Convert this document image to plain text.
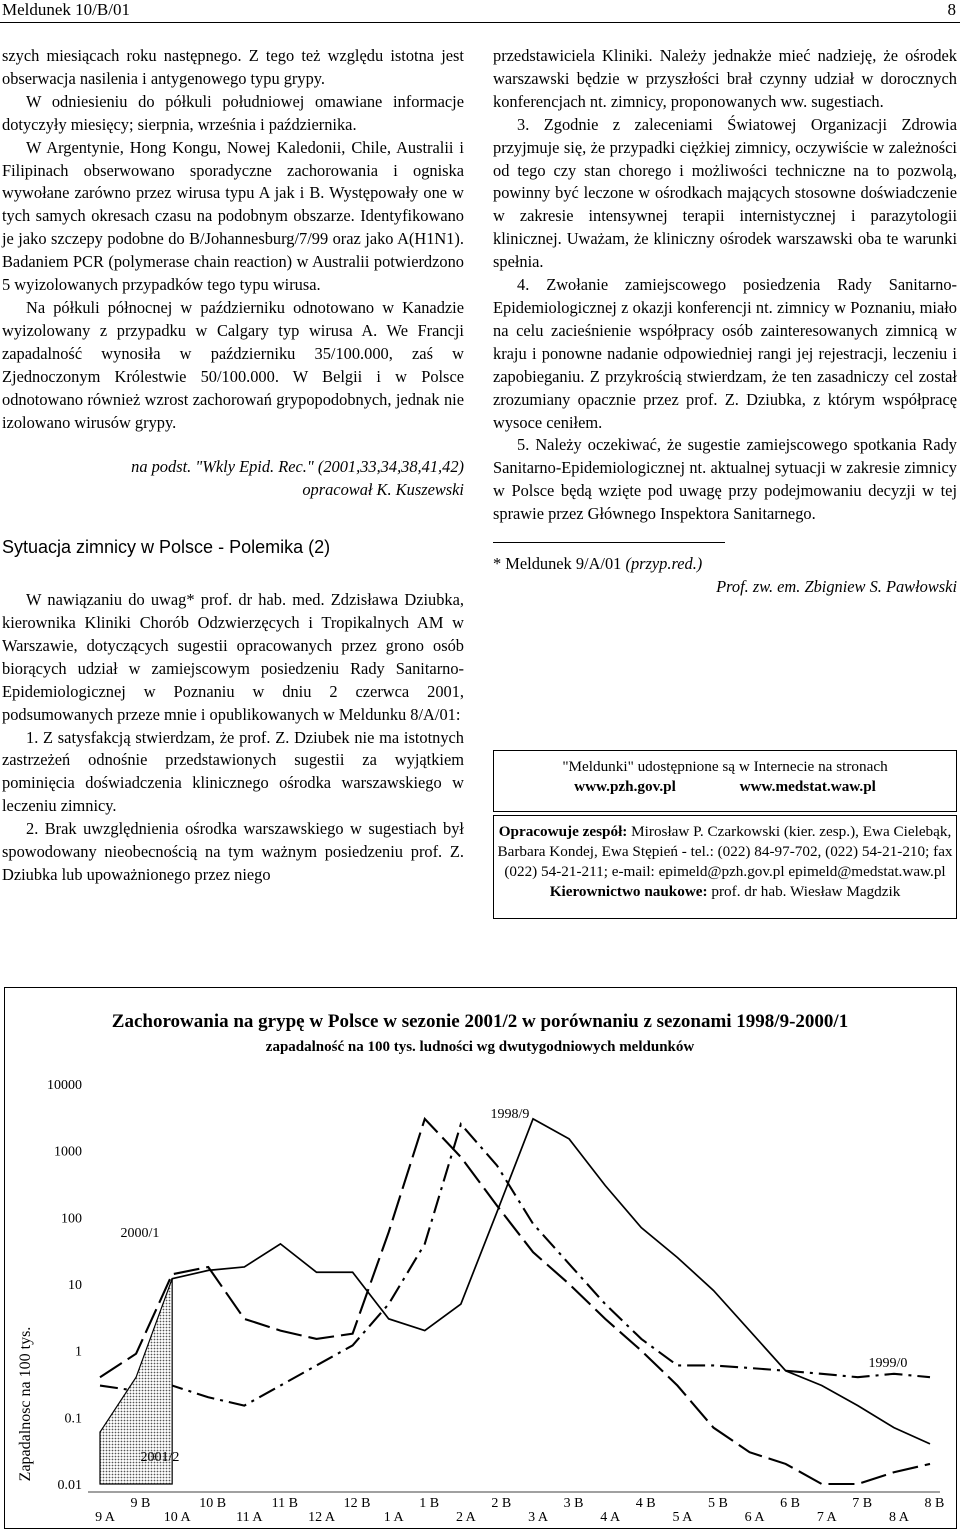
Meldunek 10/B/01	8

szych miesiącach roku następnego. Z tego też względu istotna jest obserwacja nasilenia i antygenowego typu grypy.

W odniesieniu do półkuli południowej omawiane informacje dotyczyły miesięcy; sierpnia, września i października.

W Argentynie, Hong Kongu, Nowej Kaledonii, Chile, Australii i Filipinach obserwowano sporadyczne zachorowania i ogniska wywołane zarówno przez wirusa typu A jak i B. Występowały one w tych samych okresach czasu na podobnym obszarze. Identyfikowano je jako szczepy podobne do B/Johannesburg/7/99 oraz jako A(H1N1). Badaniem PCR (polymerase chain reaction) w Australii potwierdzono 5 wyizolowanych przypadków tego typu wirusa.

Na półkuli północnej w październiku odnotowano w Kanadzie wyizolowany z przypadku w Calgary typ wirusa A. We Francji zapadalność wynosiła w październiku 35/100.000, zaś w Zjednoczonym Królestwie 50/100.000. W Belgii i w Polsce odnotowano również wzrost zachorowań grypopodobnych, jednak nie izolowano wirusów grypy.

na podst. "Wkly Epid. Rec." (2001,33,34,38,41,42)
opracował K. Kuszewski
Sytuacja zimnicy w Polsce - Polemika (2)

W nawiązaniu do uwag* prof. dr hab. med. Zdzisława Dziubka, kierownika Kliniki Chorób Odzwierzęcych i Tropikalnych AM w Warszawie, dotyczących sugestii opracowanych przez grono osób biorących udział w zamiejscowym posiedzeniu Rady Sanitarno-Epidemiologicznej w Poznaniu w dniu 2 czerwca 2001, podsumowanych przeze mnie i opublikowanych w Meldunku 8/A/01:

1. Z satysfakcją stwierdzam, że prof. Z. Dziubek nie ma istotnych zastrzeżeń odnośnie przedstawionych sugestii za wyjątkiem pominięcia doświadczenia klinicznego ośrodka warszawskiego w leczeniu zimnicy.

2. Brak uwzględnienia ośrodka warszawskiego w sugestiach był spowodowany nieobecnością na tym ważnym posiedzeniu prof. Z. Dziubka lub upoważnionego przez niego

przedstawiciela Kliniki. Należy jednakże mieć nadzieję, że ośrodek warszawski będzie w przyszłości brał czynny udział w dorocznych konferencjach nt. zimnicy, proponowanych ww. sugestiach.

3. Zgodnie z zaleceniami Światowej Organizacji Zdrowia przyjmuje się, że przypadki ciężkiej zimnicy, oczywiście w zależności od tego czy stan chorego i możliwości techniczne na to pozwolą, powinny być leczone w ośrodkach mających stosowne doświadczenie w zakresie intensywnej terapii internistycznej i parazytologii klinicznej. Uważam, że kliniczny ośrodek warszawski oba te warunki spełnia.

4. Zwołanie zamiejscowego posiedzenia Rady Sanitarno-Epidemiologicznej z okazji konferencji nt. zimnicy w Poznaniu, miało na celu zacieśnienie współpracy osób zainteresowanych zimnicą w kraju i ponowne nadanie odpowiedniej rangi jej rejestracji, leczeniu i zapobieganiu. Z przykrością stwierdzam, że ten zasadniczy cel został zrozumiany opacznie przez prof. Z. Dziubka, z którym współpracę wysoce ceniłem.

5. Należy oczekiwać, że sugestie zamiejscowego spotkania Rady Sanitarno-Epidemiologicznej nt. aktualnej sytuacji w zakresie zimnicy w Polsce będą wzięte pod uwagę przy podejmowaniu decyzji w tej sprawie przez Głównego Inspektora Sanitarnego.

* Meldunek 9/A/01 (przyp.red.)

Prof. zw. em. Zbigniew S. Pawłowski

"Meldunki" udostępnione są w Internecie na stronach
www.pzh.gov.pl	www.medstat.waw.pl
Opracowuje zespół: Mirosław P. Czarkowski (kier. zesp.), Ewa Cielebąk, Barbara Kondej, Ewa Stępień - tel.: (022) 84-97-702, (022) 54-21-210; fax (022) 54-21-211; e-mail: epimeld@pzh.gov.pl epimeld@medstat.waw.pl
Kierownictwo naukowe: prof. dr hab. Wiesław Magdzik
Zachorowania na grypę w Polsce w sezonie 2001/2 w porównaniu z sezonami 1998/9-2000/1
zapadalność na 100 tys. ludności wg dwutygodniowych meldunków
10000
1000
100
10
1
0.1
0.01
Zapadalnosc na 100 tys.
9 B	10 B	11 B	12 B	1 B	2 B	3 B	4 B	5 B	6 B	7 B	8 B
9 A	10 A	11 A	12 A	1 A	2 A	3 A	4 A	5 A	6 A	7 A	8 A
1998/9
1999/0
2000/1
2001/2
